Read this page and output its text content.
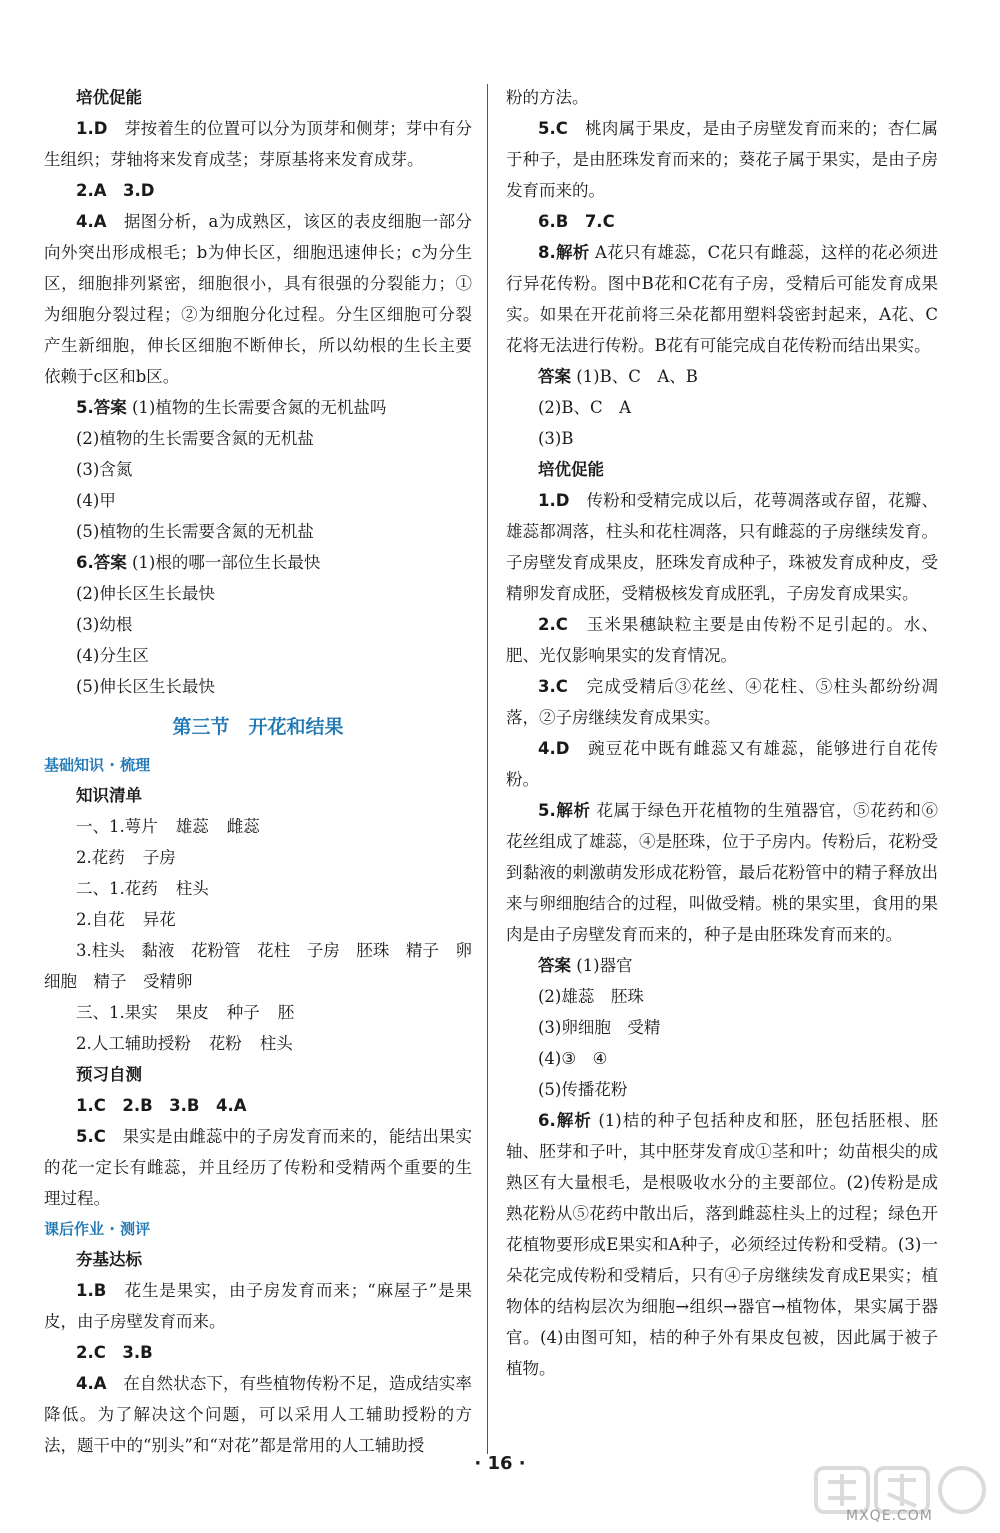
培优促能

1.D　 芽按着生的位置可以分为顶芽和侧芽；芽中有分生组织；芽轴将来发育成茎；芽原基将来发育成芽。

2.A　3.D

4.A　 据图分析，a为成熟区，该区的表皮细胞一部分向外突出形成根毛；b为伸长区，细胞迅速伸长；c为分生区，细胞排列紧密，细胞很小，具有很强的分裂能力；①为细胞分裂过程；②为细胞分化过程。分生区细胞可分裂产生新细胞，伸长区细胞不断伸长，所以幼根的生长主要依赖于c区和b区。

5.答案 (1)植物的生长需要含氮的无机盐吗

(2)植物的生长需要含氮的无机盐

(3)含氮

(4)甲

(5)植物的生长需要含氮的无机盐

6.答案 (1)根的哪一部位生长最快

(2)伸长区生长最快

(3)幼根

(4)分生区

(5)伸长区生长最快

第三节　开花和结果

基础知识 · 梳理

知识清单

一、1.萼片 雄蕊 雌蕊

2.花药 子房

二、1.花药 柱头

2.自花 异花

3.柱头　黏液　花粉管　花柱　子房　胚珠　精子　卵细胞　精子　受精卵

三、1.果实 果皮 种子 胚

2.人工辅助授粉 花粉 柱头

预习自测

1.C　2.B　3.B　4.A

5.C　 果实是由雌蕊中的子房发育而来的，能结出果实的花一定长有雌蕊，并且经历了传粉和受精两个重要的生理过程。

课后作业 · 测评

夯基达标

1.B　 花生是果实，由子房发育而来；“麻屋子”是果皮，由子房壁发育而来。

2.C　3.B

4.A　 在自然状态下，有些植物传粉不足，造成结实率降低。为了解决这个问题，可以采用人工辅助授粉的方法，题干中的“别头”和“对花”都是常用的人工辅助授

粉的方法。

5.C　 桃肉属于果皮，是由子房壁发育而来的；杏仁属于种子，是由胚珠发育而来的；葵花子属于果实，是由子房发育而来的。

6.B　7.C

8.解析 A花只有雄蕊，C花只有雌蕊，这样的花必须进行异花传粉。图中B花和C花有子房，受精后可能发育成果实。如果在开花前将三朵花都用塑料袋密封起来，A花、C花将无法进行传粉。B花有可能完成自花传粉而结出果实。

答案 (1)B、C　A、B

(2)B、C　A

(3)B

培优促能

1.D　 传粉和受精完成以后，花萼凋落或存留，花瓣、雄蕊都凋落，柱头和花柱凋落，只有雌蕊的子房继续发育。子房壁发育成果皮，胚珠发育成种子，珠被发育成种皮，受精卵发育成胚，受精极核发育成胚乳，子房发育成果实。

2.C　 玉米果穗缺粒主要是由传粉不足引起的。水、肥、光仅影响果实的发育情况。

3.C　 完成受精后③花丝、④花柱、⑤柱头都纷纷凋落，②子房继续发育成果实。

4.D　 豌豆花中既有雌蕊又有雄蕊，能够进行自花传粉。

5.解析 花属于绿色开花植物的生殖器官，⑤花药和⑥花丝组成了雄蕊，④是胚珠，位于子房内。传粉后，花粉受到黏液的刺激萌发形成花粉管，最后花粉管中的精子释放出来与卵细胞结合的过程，叫做受精。桃的果实里，食用的果肉是由子房壁发育而来的，种子是由胚珠发育而来的。

答案 (1)器官

(2)雄蕊　胚珠

(3)卵细胞　受精

(4)③　④

(5)传播花粉

6.解析 (1)桔的种子包括种皮和胚，胚包括胚根、胚轴、胚芽和子叶，其中胚芽发育成①茎和叶；幼苗根尖的成熟区有大量根毛，是根吸收水分的主要部位。(2)传粉是成熟花粉从⑤花药中散出后，落到雌蕊柱头上的过程；绿色开花植物要形成E果实和A种子，必须经过传粉和受精。(3)一朵花完成传粉和受精后，只有④子房继续发育成E果实；植物体的结构层次为细胞→组织→器官→植物体，果实属于器官。(4)由图可知，桔的种子外有果皮包被，因此属于被子植物。

· 16 ·
MXQE.COM
